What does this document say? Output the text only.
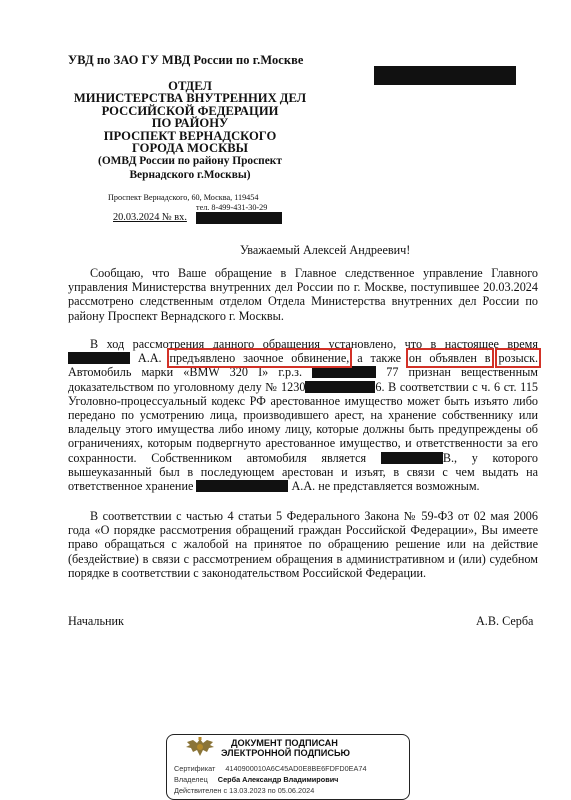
УВД по ЗАО ГУ МВД России по г.Москве
ОТДЕЛ
МИНИСТЕРСТВА ВНУТРЕННИХ ДЕЛ
РОССИЙСКОЙ ФЕДЕРАЦИИ
ПО РАЙОНУ
ПРОСПЕКТ ВЕРНАДСКОГО
ГОРОДА МОСКВЫ
(ОМВД России по району Проспект
Вернадского г.Москвы)
Проспект Вернадского, 60, Москва, 119454
тел. 8-499-431-30-29
20.03.2024 № вх.
Уважаемый Алексей Андреевич!

Сообщаю, что Ваше обращение в Главное следственное управление Главного управления Министерства внутренних дел России по г. Москве, поступившее 20.03.2024 рассмотрено следственным отделом Отдела Министерства внутренних дел России по району Проспект Вернадского г. Москвы.

В ход рассмотрения данного обращения установлено, что в настоящее время  А.А. предъявлено заочное обвинение, а также он объявлен в розыск. Автомобиль марки «BMW 320 I» г.р.з.	77 признан вещественным доказательством по уголовному делу № 1230	6. В соответствии с ч. 6 ст. 115 Уголовно-процессуальный кодекс РФ арестованное имущество может быть изъято либо передано по усмотрению лица, производившего арест, на хранение собственнику или владельцу этого имущества либо иному лицу, которые должны быть предупреждены об ограничениях, которым подвергнуто арестованное имущество, и ответственности за его сохранности. Собственником автомобиля является	В., у которого вышеуказанный был в последующем арестован и изъят, в связи с чем выдать на ответственное хранение	А.А. не представляется возможным.

В соответствии с частью 4 статьи 5 Федерального Закона № 59-ФЗ от 02 мая 2006 года «О порядке рассмотрения обращений граждан Российской Федерации», Вы имеете право обращаться с жалобой на принятое по обращению решение или на действие (бездействие) в связи с рассмотрением обращения в административном и (или) судебном порядке в соответствии с законодательством Российской Федерации.

Начальник	А.В. Серба
ДОКУМЕНТ ПОДПИСАН
ЭЛЕКТРОННОЙ ПОДПИСЬЮ
Сертификат 4140900010A6C45AD0E8BE6FDFD0EA74
Владелец Серба Александр Владимирович
Действителен с 13.03.2023 по 05.06.2024
